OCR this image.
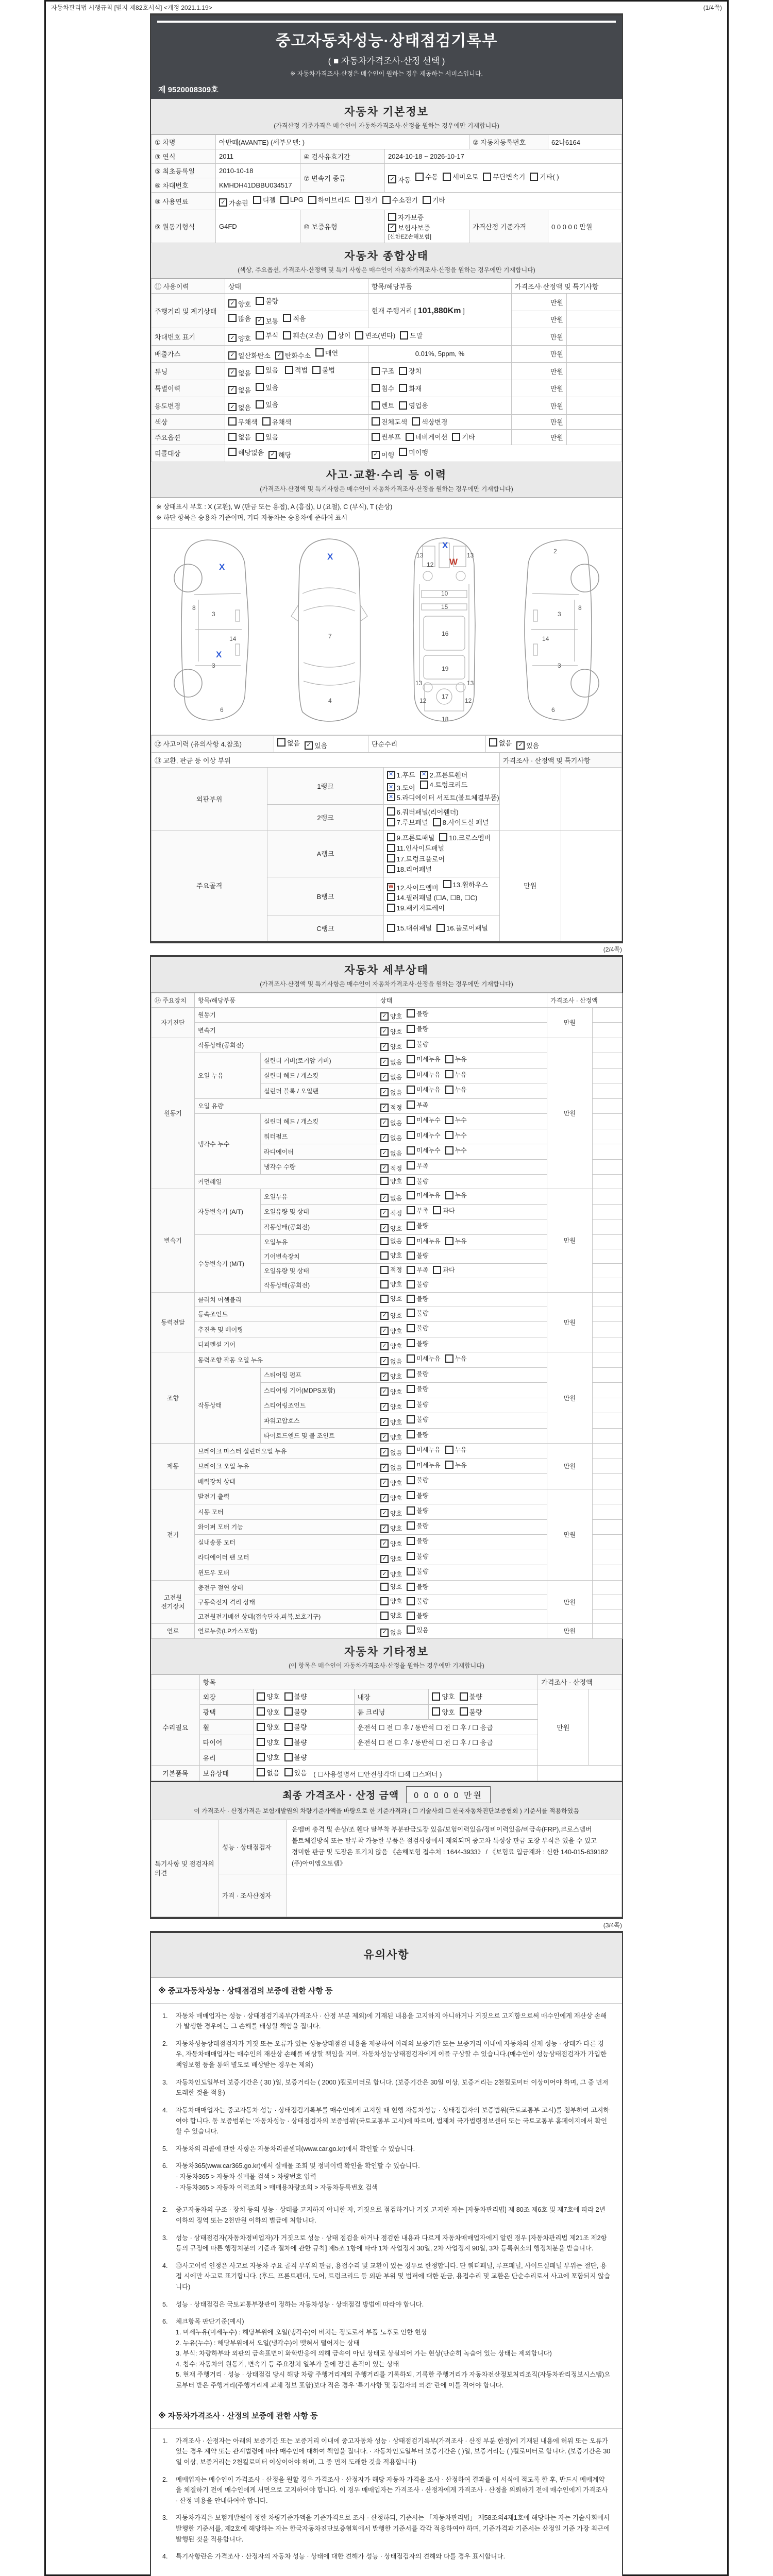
자동차관리법 시행규칙 [별지 제82호서식] <개정 2021.1.19>	(1/4쪽)
중고자동차성능·상태점검기록부
( ■ 자동차가격조사·산정 선택 )
※ 자동차가격조사·산정은 매수인이 원하는 경우 제공하는 서비스입니다.
제 9520008309호
자동차 기본정보
(가격산정 기준가격은 매수인이 자동차가격조사·산정을 원하는 경우에만 기재합니다)
① 차명	아반떼(AVANTE) (세부모델: )			② 자동차등록번호	62나6164
③ 연식	2011	④ 검사유효기간	2024-10-18 ~ 2026-10-17		
⑤ 최초등록일	2010-10-18	⑦ 변속기 종류	✓ 자동 수동 세미오토 무단변속기 기타( )

⑥ 차대번호	KMHDH41DBBU034517				
⑧ 사용연료	✓ 가솔린 디젤 LPG 하이브리드 전기 수소전기 기타

⑨ 원동기형식	G4FD	⑩ 보증유형	자가보증
✓ 보험사보증
[신한EZ손해보험]	가격산정 기준가격	0 0 0 0 0 만원
자동차 종합상태
(색상, 주요옵션, 가격조사·산정액 및 특기 사항은 매수인이 자동차가격조사·산정을 원하는 경우에만 기재합니다)
⑪ 사용이력	상태	항목/해당부품	가격조사·산정액 및 특기사항	
주행거리 및 계기상태	✓ 양호 불량	현재 주행거리 [ 101,880Km ]	만원	

	많음 ✓ 보통 적음		만원	
차대번호 표기	✓ 양호 부식 훼손(오손) 상이 변조(변타) 도말	만원	
배출가스	✓ 일산화탄소 ✓ 탄화수소 매연	0.01%, 5ppm, %	만원	
튜닝	✓ 없음 있음
적법 불법	구조 장치	만원	
특별이력	✓ 없음 있음	침수 화재	만원	
용도변경	✓ 없음 있음	렌트 영업용	만원	
색상	무채색 유채색	전체도색 색상변경	만원	
주요옵션	없음 있음	썬루프 네비게이션 기타	만원	
리콜대상	해당없음 ✓ 해당	✓ 이행 미이행		
사고·교환·수리 등 이력
(가격조사·산정액 및 특기사항은 매수인이 자동차가격조사·산정을 원하는 경우에만 기재합니다)
※ 상태표시 부호 : X (교환), W (판금 또는 용접), A (흠집), U (요철), C (부식), T (손상)
※ 하단 항목은 승용차 기준이며, 기타 자동차는 승용차에 준하여 표시
X
8
3
14
X
3
6
X
7
4
13	13
12
X
W
10
15
16
19
13	13
12	12
17
18
2
3
8
14
3
6
⑫ 사고이력 (유의사항 4.참조)	없음	✓ 있음	단순수리	없음	✓ 있음
⑬ 교환, 판금 등 이상 부위			가격조사 · 산정액 및 특기사항	
외판부위	1랭크	
✕ 1.후드	✕ 2.프론트휀더
✕ 3.도어 4.트렁크리드
✕ 5.라디에이터 서포트(볼트체결부품)

	2랭크	6.쿼터패널(리어휀더)
7.루브패널 8.사이드실 패널		

주요골격	A랭크	9.프론트패널 10.크로스멤버
11.인사이드패널
17.트렁크플로어
18.리어패널	만원	
	B랭크	W 12.사이드멤버 13.휠하우스
14.필러패널 (☐A, ☐B, ☐C)
19.패키지트레이		

	C랭크	15.대쉬패널 16.플로어패널		
(2/4쪽)
자동차 세부상태
(가격조사·산정액 및 특기사항은 매수인이 자동차가격조사·산정을 원하는 경우에만 기재합니다)
⑭ 주요장치	항목/해당부품		상태	가격조사 · 산정액	
자기진단	원동기		✓ 양호 불량	만원	
	변속기		✓ 양호 불량		

원동기	작동상태(공회전)		✓ 양호 불량	만원	
	오일 누유	실린더 커버(로커암 커버)	✓ 없음 미세누유 누유		

		실린더 헤드 / 개스킷	✓ 없음 미세누유 누유		

		실린더 블록 / 오일팬	✓ 없음 미세누유 누유		

	오일 유량		✓ 적정 부족		

	냉각수 누수	실린더 헤드 / 개스킷	✓ 없음 미세누수 누수		

		워터펌프	✓ 없음 미세누수 누수		

		라디에이터	✓ 없음 미세누수 누수		

		냉각수 수량	✓ 적정 부족		

	커먼레일		양호 불량		

변속기	자동변속기 (A/T)	오일누유	✓ 없음 미세누유 누유	만원	
		오일유량 및 상태	✓ 적정 부족 과다		

		작동상태(공회전)	✓ 양호 불량		

	수동변속기 (M/T)	오일누유	없음 미세누유 누유		

		기어변속장치	양호 불량		

		오일유량 및 상태	적정 부족 과다		

		작동상태(공회전)	양호 불량		

동력전달	클러치 어셈블리		양호 불량	만원	
	등속조인트		✓ 양호 불량		

	추진축 및 베어링		✓ 양호 불량		

	디퍼렌셜 기어		✓ 양호 불량		

조향	동력조향 작동 오일 누유		✓ 없음 미세누유 누유	만원	
	작동상태	스티어링 펌프	✓ 양호 불량		

		스티어링 기어(MDPS포함)	✓ 양호 불량		

		스티어링조인트	✓ 양호 불량		

		파워고압호스	✓ 양호 불량		

		타이로드엔드 및 볼 조인트	✓ 양호 불량		

제동	브레이크 마스터 실린더오일 누유		✓ 없음 미세누유 누유	만원	
	브레이크 오일 누유		✓ 없음 미세누유 누유		

	배력장치 상태		✓ 양호 불량		

전기	발전기 출력		✓ 양호 불량	만원	
	시동 모터		✓ 양호 불량		

	와이퍼 모터 기능		✓ 양호 불량		

	실내송풍 모터		✓ 양호 불량		

	라디에이터 팬 모터		✓ 양호 불량		

	윈도우 모터		✓ 양호 불량		

고전원 전기장치	충전구 절연 상태		양호 불량	만원	
	구동축전지 격리 상태		양호 불량		

	고전원전기배선 상태(접속단자,피복,보호기구)		양호 불량		

연료	연료누출(LP가스포함)		✓ 없음 있음	만원	
자동차 기타정보
(이 항목은 매수인이 자동차가격조사·산정을 원하는 경우에만 기재합니다)
	항목				가격조사 · 산정액	
수리필요	외장	양호 불량	내장	양호 불량	만원	
	광택	양호 불량	룸 크리닝	양호 불량		

	휠	양호 불량	운전석 ☐ 전 ☐ 후 / 동반석 ☐ 전 ☐ 후 / ☐ 응급			
	타이어	양호 불량	운전석 ☐ 전 ☐ 후 / 동반석 ☐ 전 ☐ 후 / ☐ 응급			
	유리	양호 불량				

기본품목	보유상태	없음 있음 ( ☐사용설명서 ☐안전삼각대 ☐잭 ☐스패너 )				
최종 가격조사 · 산정 금액	0 0 0 0 0 만원
이 가격조사 · 산정가격은 보험개발원의 차량기준가액을 바탕으로 한 기준가격과 ( ☐ 기술사회 ☐ 한국자동차진단보증협회 ) 기준서를 적용하였음
특기사항 및 점검자의 의견	성능 · 상태점검자	운멤버 충격 및 손상/조 휀다 탈부착 부분판금도장 있음/보험이력있음/정비이력있음/비금속(FRP),크로스멤버 볼트체결방식 또는 탈부착 가능한 부품은 점검사항에서 제외되며 중고차 특성상 판금 도장 부식은 있을 수 있고 경미한 판금 및 도장은 표기치 않음 《손해보험 접수처 : 1644-3933》 / 《보험료 입금계좌 : 신한 140-015-639182 (주)아이엠오토랩》
	가격 · 조사산정자	
(3/4쪽)
유의사항
※ 중고자동차성능 · 상태점검의 보증에 관한 사항 등
1.	자동차 매매업자는 성능 · 상태점검기록부(가격조사 · 산정 부분 제외)에 기재된 내용을 고지하지 아니하거나 거짓으로 고지함으로써 매수인에게 재산상 손해가 발생한 경우에는 그 손해를 배상할 책임을 집니다.
2.	자동차성능상태점검자가 거짓 또는 오류가 있는 성능상태점검 내용을 제공하여 아래의 보증기간 또는 보증거리 이내에 자동차의 실제 성능 · 상태가 다른 경우, 자동차매매업자는 매수인의 재산상 손해를 배상할 책임을 지며, 자동차성능상태점검자에게 이를 구상할 수 있습니다.(매수인이 성능상태점검자가 가입한 책임보험 등을 통해 별도로 배상받는 경우는 제외)
3.	자동차인도일부터 보증기간은 ( 30 )일, 보증거리는 ( 2000 )킬로미터로 합니다. (보증기간은 30일 이상, 보증거리는 2천킬로미터 이상이어야 하며, 그 중 먼저 도래한 것을 적용)
4.	자동차매매업자는 중고자동차 성능 · 상태점검기록부를 매수인에게 고지할 때 현행 자동차성능 · 상태점검자의 보증범위(국토교통부 고시)를 첨부하여 고지하여야 합니다. 동 보증범위는 '자동차성능 · 상태점검자의 보증범위'(국토교통부 고시)에 따르며, 법제처 국가법령정보센터 또는 국토교통부 홈페이지에서 확인할 수 있습니다.
5.	자동차의 리콜에 관한 사항은 자동차리콜센터(www.car.go.kr)에서 확인할 수 있습니다.
6.	자동차365(www.car365.go.kr)에서 실매물 조회 및 정비이력 확인을 확인할 수 있습니다.
- 자동차365 > 자동차 실매물 검색 > 차량번호 입력
- 자동차365 > 자동차 이력조회 > 매매용차량조회 > 자동차등록번호 검색
2.	중고자동차의 구조 · 장치 등의 성능 · 상태를 고지하지 아니한 자, 거짓으로 점검하거나 거짓 고지한 자는 [자동차관리법] 제 80조 제6호 및 제7호에 따라 2년 이하의 징역 또는 2천만원 이하의 벌금에 처합니다.
3.	성능 · 상태점검자(자동차정비업자)가 거짓으로 성능 · 상태 점검을 하거나 점검한 내용과 다르게 자동차매매업자에게 알린 경우 [자동차관리법 제21조 제2항 등의 규정에 따른 행정처분의 기준과 절차에 관한 규칙] 제5조 1항에 따라 1차 사업정지 30일, 2차 사업정지 90일, 3차 등록취소의 행정처분을 받습니다.
4.	⑫사고이력 인정은 사고로 자동차 주요 골격 부위의 판금, 용접수리 및 교환이 있는 경우로 한정합니다. 단 쿼터패널, 루프패널, 사이드실패널 부위는 절단, 용접 시에만 사고로 표기합니다. (후드, 프론트펜더, 도어, 트렁크리드 등 외판 부위 및 범퍼에 대한 판금, 용접수리 및 교환은 단순수리로서 사고에 포함되지 않습니다)
5.	성능 · 상태점검은 국토교통부장관이 정하는 자동차성능 · 상태점검 방법에 따라야 합니다.
6.	체크항목 판단기준(예시)
1. 미세누유(미세누수) : 해당부위에 오일(냉각수)이 비치는 정도로서 부품 노후로 인한 현상
2. 누유(누수) : 해당부위에서 오일(냉각수)이 맺혀서 떨어지는 상태
3. 부식: 차량하부와 외판의 금속표면이 화학반응에 의해 금속이 아닌 상태로 상실되어 가는 현상(단순히 녹슬어 있는 상태는 제외합니다)
4. 침수: 자동차의 원동기, 변속기 등 주요장치 일부가 물에 잠긴 흔적이 있는 상태
5. 현재 주행거리 · 성능 · 상태점검 당시 해당 차량 주행거리계의 주행거리를 기록하되, 기록한 주행거리가 자동차전산정보처리조직(자동차관리정보시스템)으로부터 받은 주행거리(주행거리계 교체 정보 포함)보다 적은 경우 '특기사항 및 점검자의 의견' 란에 이를 적어야 합니다.
※ 자동차가격조사 · 산정의 보증에 관한 사항 등
1.	가격조사 · 산정자는 아래의 보증기간 또는 보증거리 이내에 중고자동차 성능 · 상태점검기록부(가격조사 · 산정 부분 한정)에 기재된 내용에 허위 또는 오류가 있는 경우 계약 또는 관계법령에 따라 매수인에 대하여 책임을 집니다. · 자동차인도일부터 보증기간은 ( )일, 보증거리는 ( )킬로미터로 합니다. (보증기간은 30일 이상, 보증거리는 2천킬로미터 이상이어야 하며, 그 중 먼저 도래한 것을 적용합니다)
2.	매매업자는 매수인이 가격조사 · 산정을 원할 경우 가격조사 · 산정자가 해당 자동차 가격을 조사 · 산정하여 결과를 이 서식에 적도록 한 후, 반드시 매매계약을 체결하기 전에 매수인에게 서면으로 고지하여야 합니다. 이 경우 매매업자는 가격조사 · 산정자에게 가격조사 · 산정을 의뢰하기 전에 매수인에게 가격조사 · 산정 비용을 안내하여야 합니다.
3.	자동차가격은 보험개발원이 정한 차량기준가액을 기준가격으로 조사 · 산정하되, 기준서는 「자동차관리법」 제58조의4제1호에 해당하는 자는 기술사회에서 발행한 기준서를, 제2호에 해당하는 자는 한국자동차진단보증협회에서 발행한 기준서를 각각 적용하여야 하며, 기준가격과 기준서는 산정일 기준 가장 최근에 발행된 것을 적용합니다.
4.	특기사항란은 가격조사 · 산정자의 자동차 성능 · 상태에 대한 견해가 성능 · 상태점검자의 견해와 다를 경우 표시합니다.
